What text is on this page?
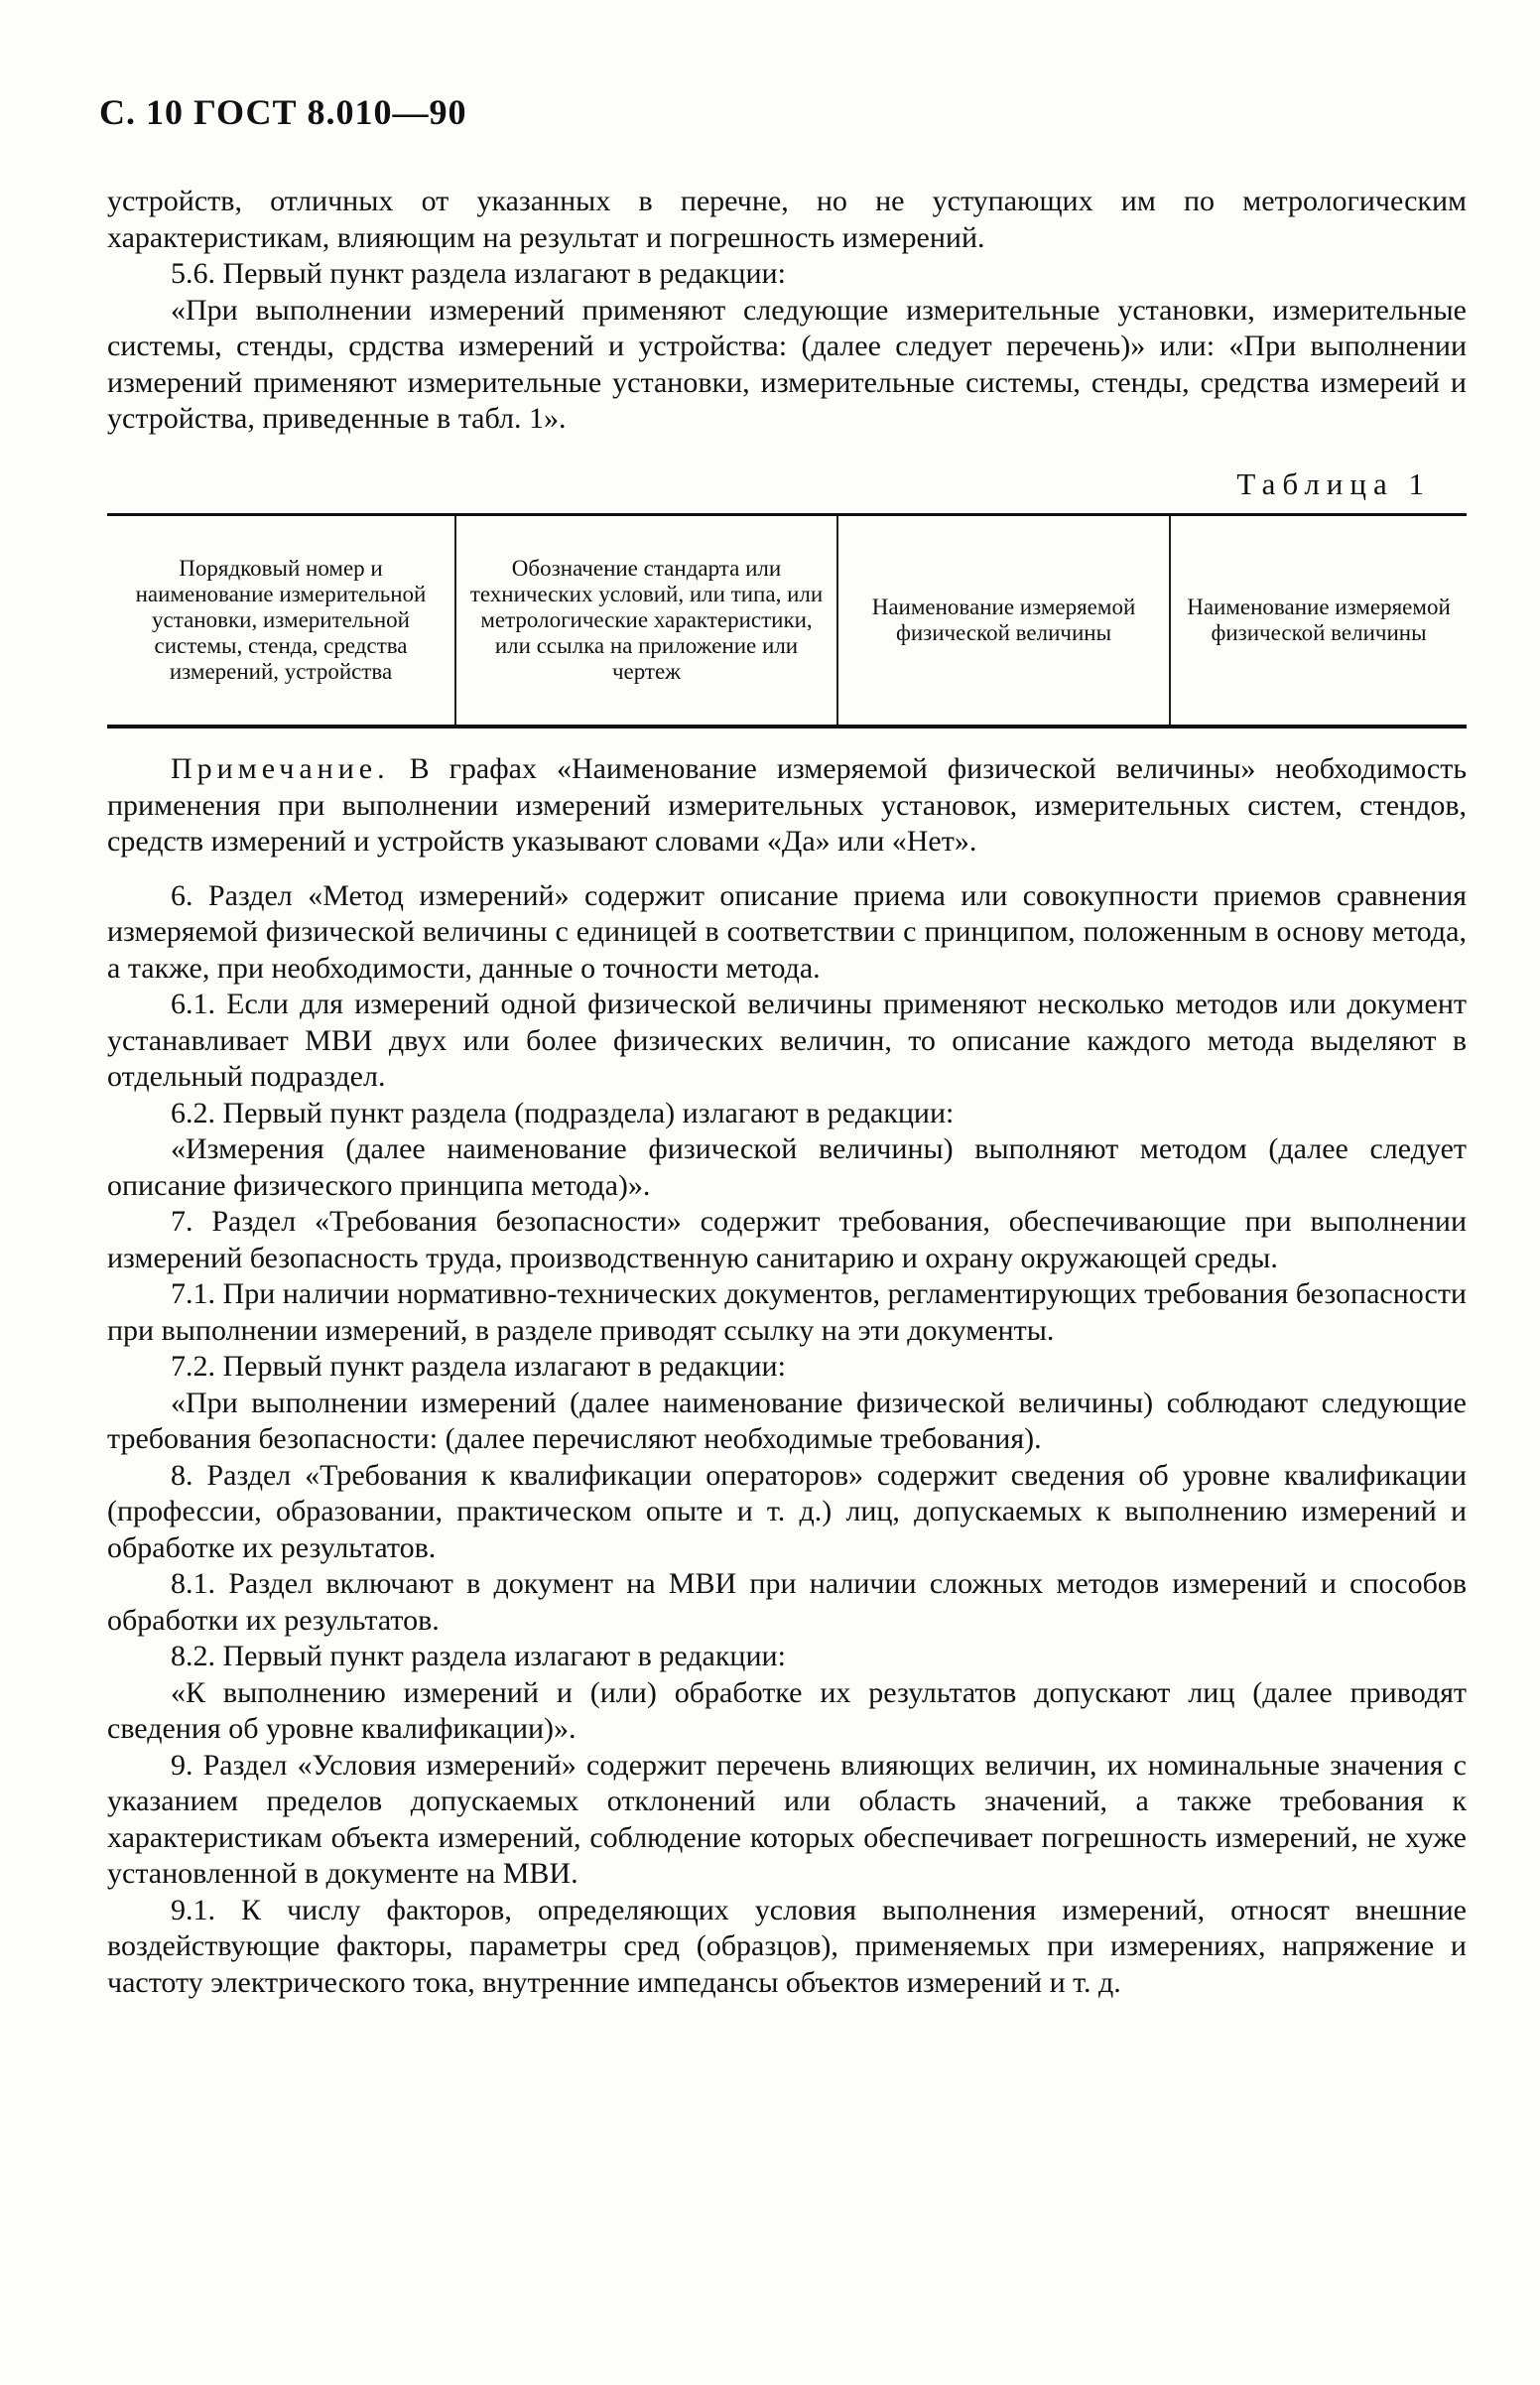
С. 10 ГОСТ 8.010—90

устройств, отличных от указанных в перечне, но не уступающих им по метрологическим характеристикам, влияющим на результат и погрешность измерений.

5.6. Первый пункт раздела излагают в редакции:

«При выполнении измерений применяют следующие измерительные установки, измерительные системы, стенды, срдства измерений и устройства: (далее следует перечень)» или: «При выполнении измерений применяют измерительные установки, измерительные системы, стенды, средства измереий и устройства, приведенные в табл. 1».

Таблица 1
Порядковый номер и наименование измерительной установки, измерительной системы, стенда, средства измерений, устройства
Обозначение стандарта или технических условий, или типа, или метрологические характеристики, или ссылка на приложение или чертеж
Наименование измеряемой физической величины
Наименование измеряемой физической величины

Примечание. В графах «Наименование измеряемой физической величины» необходимость применения при выполнении измерений измерительных установок, измерительных систем, стендов, средств измерений и устройств указывают словами «Да» или «Нет».

6. Раздел «Метод измерений» содержит описание приема или совокупности приемов сравнения измеряемой физической величины с единицей в соответствии с принципом, положенным в основу метода, а также, при необходимости, данные о точности метода.

6.1. Если для измерений одной физической величины применяют несколько методов или документ устанавливает МВИ двух или более физических величин, то описание каждого метода выделяют в отдельный подраздел.

6.2. Первый пункт раздела (подраздела) излагают в редакции:

«Измерения (далее наименование физической величины) выполняют методом (далее следует описание физического принципа метода)».

7. Раздел «Требования безопасности» содержит требования, обеспечивающие при выполнении измерений безопасность труда, производственную санитарию и охрану окружающей среды.

7.1. При наличии нормативно-технических документов, регламентирующих требования безопасности при выполнении измерений, в разделе приводят ссылку на эти документы.

7.2. Первый пункт раздела излагают в редакции:

«При выполнении измерений (далее наименование физической величины) соблюдают следующие требования безопасности: (далее перечисляют необходимые требования).

8. Раздел «Требования к квалификации операторов» содержит сведения об уровне квалификации (профессии, образовании, практическом опыте и т. д.) лиц, допускаемых к выполнению измерений и обработке их результатов.

8.1. Раздел включают в документ на МВИ при наличии сложных методов измерений и способов обработки их результатов.

8.2. Первый пункт раздела излагают в редакции:

«К выполнению измерений и (или) обработке их результатов допускают лиц (далее приводят сведения об уровне квалификации)».

9. Раздел «Условия измерений» содержит перечень влияющих величин, их номинальные значения с указанием пределов допускаемых отклонений или область значений, а также требования к характеристикам объекта измерений, соблюдение которых обеспечивает погрешность измерений, не хуже установленной в документе на МВИ.

9.1. К числу факторов, определяющих условия выполнения измерений, относят внешние воздействующие факторы, параметры сред (образцов), применяемых при измерениях, напряжение и частоту электрического тока, внутренние импедансы объектов измерений и т. д.
